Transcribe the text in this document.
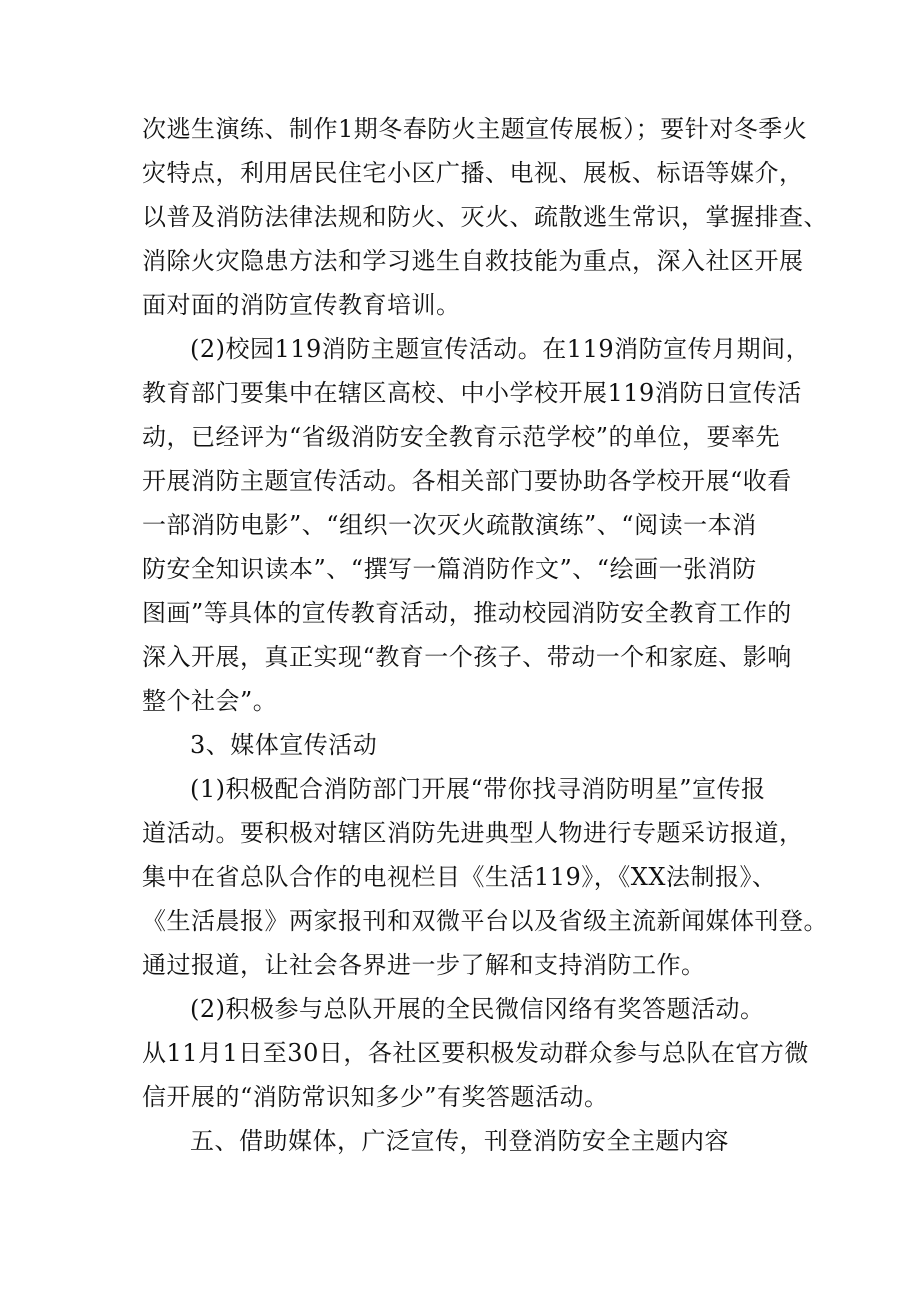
次逃生演练、制作1期冬春防火主题宣传展板）；要针对冬季火
灾特点，利用居民住宅小区广播、电视、展板、标语等媒介，
以普及消防法律法规和防火、灭火、疏散逃生常识，掌握排查、
消除火灾隐患方法和学习逃生自救技能为重点，深入社区开展
面对面的消防宣传教育培训。
(2)校园119消防主题宣传活动。在119消防宣传月期间，
教育部门要集中在辖区高校、中小学校开展119消防日宣传活
动，已经评为“省级消防安全教育示范学校”的单位，要率先
开展消防主题宣传活动。各相关部门要协助各学校开展“收看
一部消防电影”、“组织一次灭火疏散演练”、“阅读一本消
防安全知识读本”、“撰写一篇消防作文”、“绘画一张消防
图画”等具体的宣传教育活动，推动校园消防安全教育工作的
深入开展，真正实现“教育一个孩子、带动一个和家庭、影响
整个社会”。
3、媒体宣传活动
(1)积极配合消防部门开展“带你找寻消防明星”宣传报
道活动。要积极对辖区消防先进典型人物进行专题采访报道，
集中在省总队合作的电视栏目《生活119》，《XX法制报》、
《生活晨报》两家报刊和双微平台以及省级主流新闻媒体刊登。
通过报道，让社会各界进一步了解和支持消防工作。
(2)积极参与总队开展的全民微信冈络有奖答题活动。
从11月1日至30日，各社区要积极发动群众参与总队在官方微
信开展的“消防常识知多少”有奖答题活动。
五、借助媒体，广泛宣传，刊登消防安全主题内容
